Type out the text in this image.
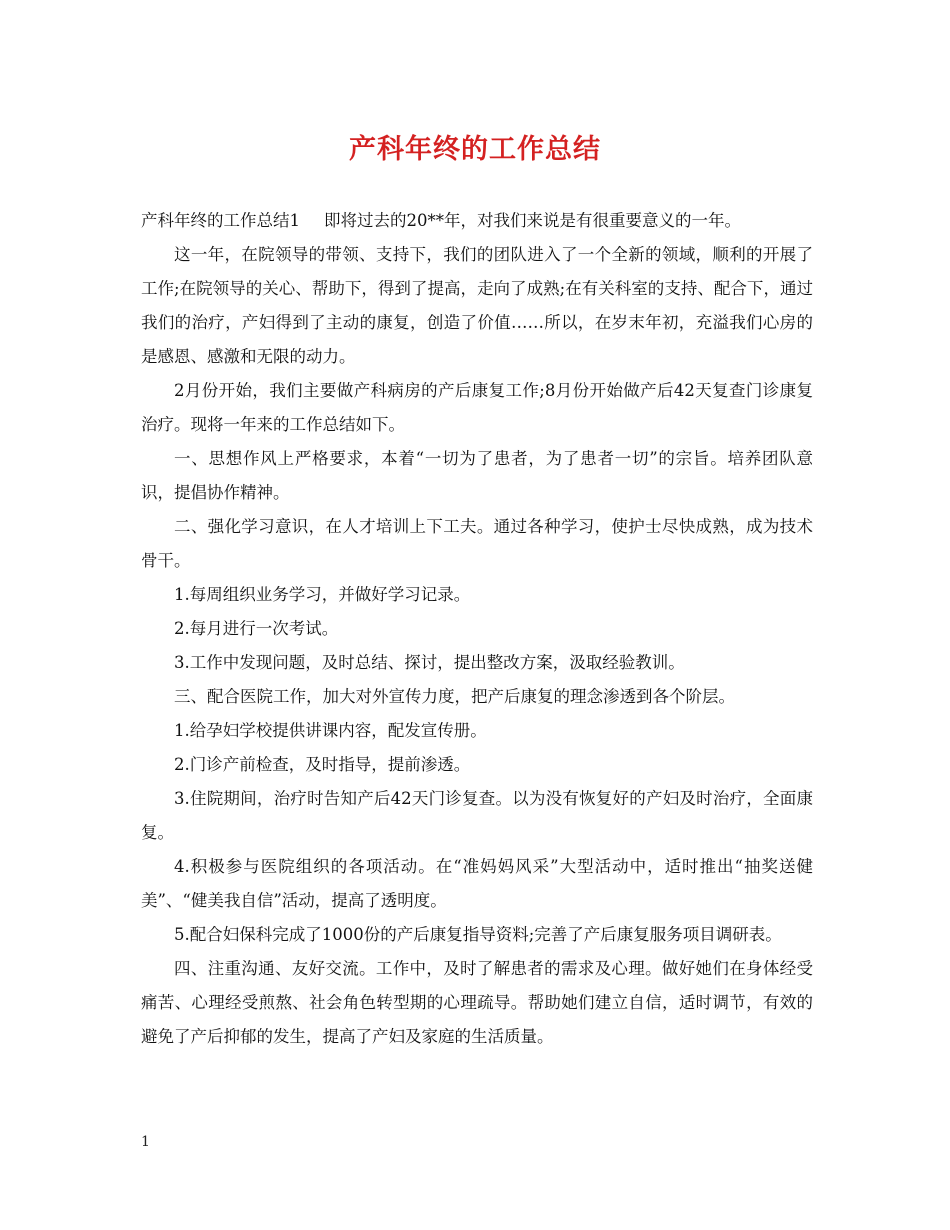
产科年终的工作总结

产科年终的工作总结1 即将过去的20**年，对我们来说是有很重要意义的一年。

这一年，在院领导的带领、支持下，我们的团队进入了一个全新的领域，顺利的开展了工作;在院领导的关心、帮助下，得到了提高，走向了成熟;在有关科室的支持、配合下，通过我们的治疗，产妇得到了主动的康复，创造了价值……所以，在岁末年初，充溢我们心房的是感恩、感激和无限的动力。

2月份开始，我们主要做产科病房的产后康复工作;8月份开始做产后42天复查门诊康复治疗。现将一年来的工作总结如下。

一、思想作风上严格要求，本着“一切为了患者，为了患者一切”的宗旨。培养团队意识，提倡协作精神。

二、强化学习意识，在人才培训上下工夫。通过各种学习，使护士尽快成熟，成为技术骨干。

1.每周组织业务学习，并做好学习记录。

2.每月进行一次考试。

3.工作中发现问题，及时总结、探讨，提出整改方案，汲取经验教训。

三、配合医院工作，加大对外宣传力度，把产后康复的理念渗透到各个阶层。

1.给孕妇学校提供讲课内容，配发宣传册。

2.门诊产前检查，及时指导，提前渗透。

3.住院期间，治疗时告知产后42天门诊复查。以为没有恢复好的产妇及时治疗，全面康复。

4.积极参与医院组织的各项活动。在“准妈妈风采”大型活动中，适时推出“抽奖送健美”、“健美我自信”活动，提高了透明度。

5.配合妇保科完成了1000份的产后康复指导资料;完善了产后康复服务项目调研表。

四、注重沟通、友好交流。工作中，及时了解患者的需求及心理。做好她们在身体经受痛苦、心理经受煎熬、社会角色转型期的心理疏导。帮助她们建立自信，适时调节，有效的避免了产后抑郁的发生，提高了产妇及家庭的生活质量。

1
